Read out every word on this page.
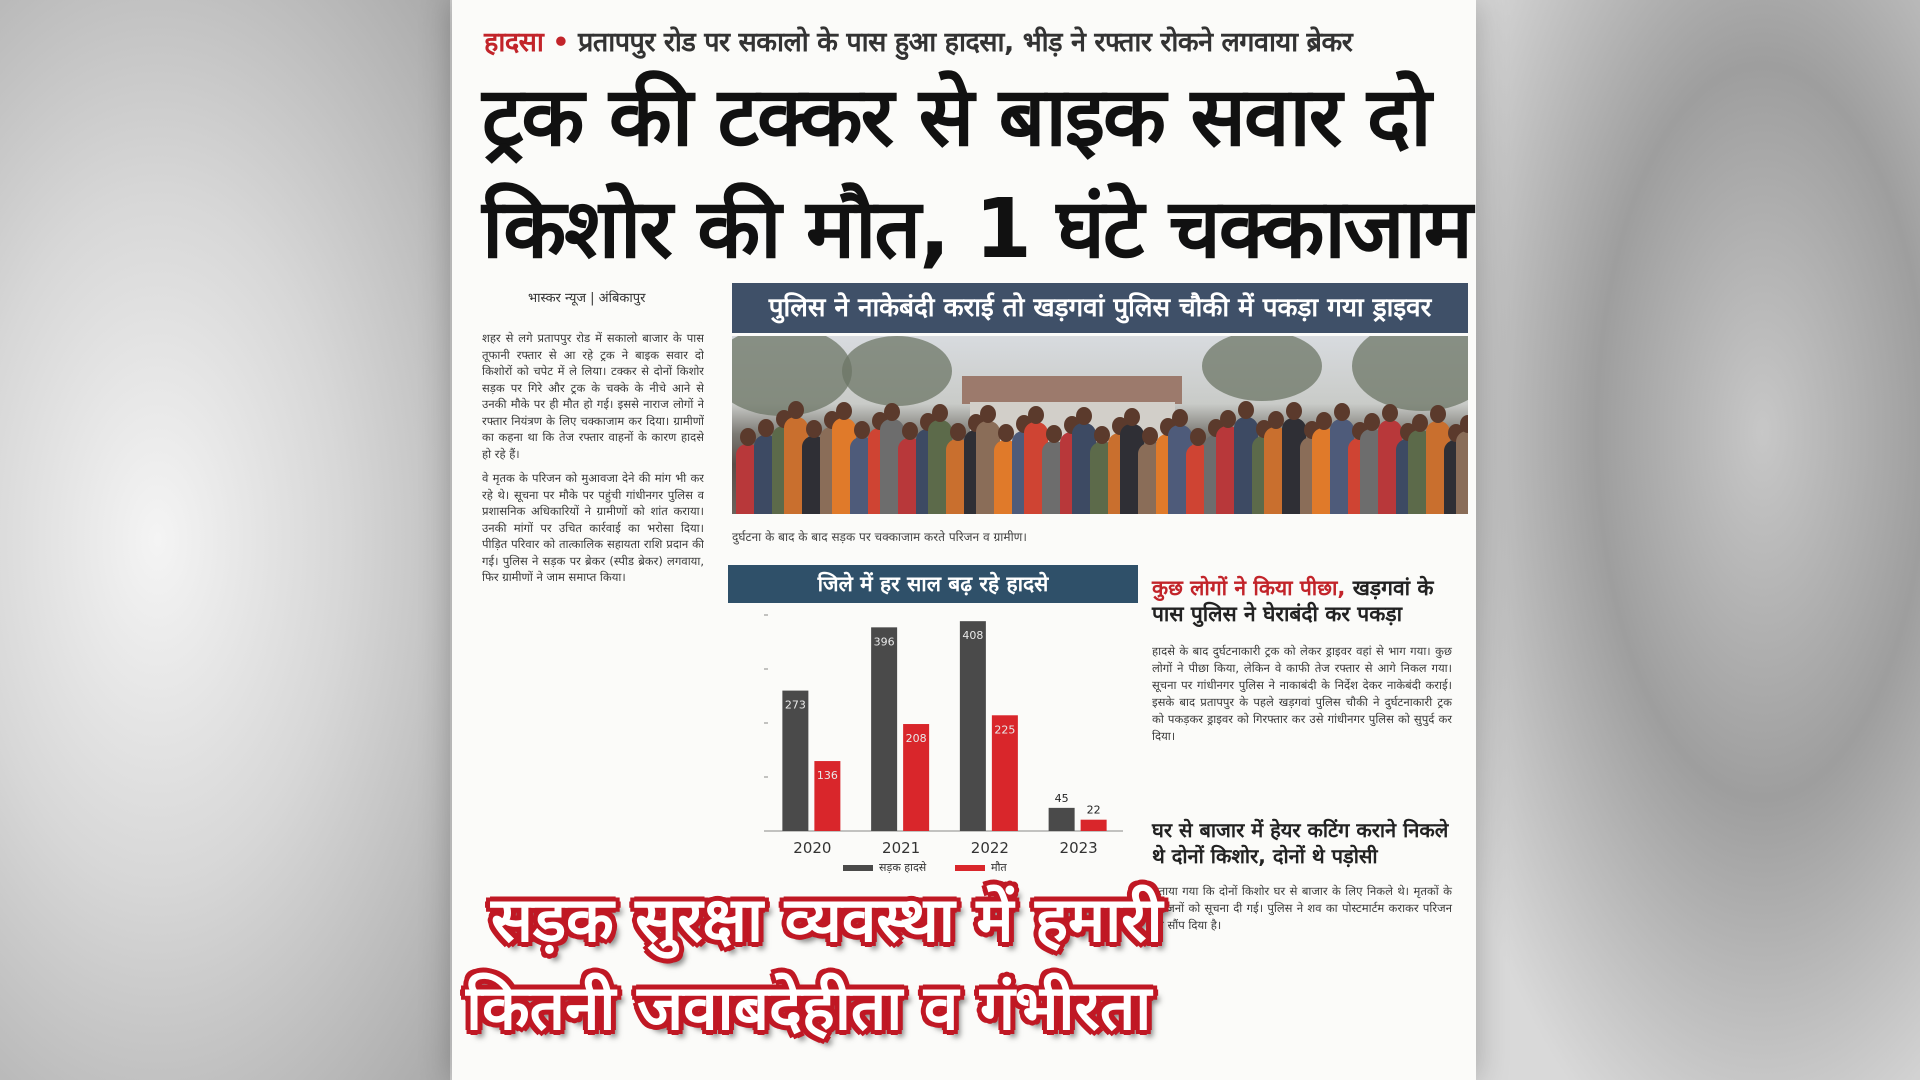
हादसा • प्रतापपुर रोड पर सकालो के पास हुआ हादसा, भीड़ ने रफ्तार रोकने लगवाया ब्रेकर
ट्रक की टक्कर से बाइक सवार दो
किशोर की मौत, 1 घंटे चक्काजाम
भास्कर न्यूज | अंबिकापुर

शहर से लगे प्रतापपुर रोड में सकालो बाजार के पास तूफानी रफ्तार से आ रहे ट्रक ने बाइक सवार दो किशोरों को चपेट में ले लिया। टक्कर से दोनों किशोर सड़क पर गिरे और ट्रक के चक्के के नीचे आने से उनकी मौके पर ही मौत हो गई। इससे नाराज लोगों ने रफ्तार नियंत्रण के लिए चक्काजाम कर दिया। ग्रामीणों का कहना था कि तेज रफ्तार वाहनों के कारण हादसे हो रहे हैं।

वे मृतक के परिजन को मुआवजा देने की मांग भी कर रहे थे। सूचना पर मौके पर पहुंची गांधीनगर पुलिस व प्रशासनिक अधिकारियों ने ग्रामीणों को शांत कराया। उनकी मांगों पर उचित कार्रवाई का भरोसा दिया। पीड़ित परिवार को तात्कालिक सहायता राशि प्रदान की गई। पुलिस ने सड़क पर ब्रेकर (स्पीड ब्रेकर) लगवाया, फिर ग्रामीणों ने जाम समाप्त किया।

पुलिस ने नाकेबंदी कराई तो खड़गवां पुलिस चौकी में पकड़ा गया ड्राइवर
दुर्घटना के बाद के बाद सड़क पर चक्काजाम करते परिजन व ग्रामीण।
जिले में हर साल बढ़ रहे हादसे
273
136
2020
396
208
2021
408
225
2022
45
22
2023
सड़क हादसे	मौत
कुछ लोगों ने किया पीछा, खड़गवां के पास पुलिस ने घेराबंदी कर पकड़ा
हादसे के बाद दुर्घटनाकारी ट्रक को लेकर ड्राइवर वहां से भाग गया। कुछ लोगों ने पीछा किया, लेकिन वे काफी तेज रफ्तार से आगे निकल गया। सूचना पर गांधीनगर पुलिस ने नाकाबंदी के निर्देश देकर नाकेबंदी कराई। इसके बाद प्रतापपुर के पहले खड़गवां पुलिस चौकी ने दुर्घटनाकारी ट्रक को पकड़कर ड्राइवर को गिरफ्तार कर उसे गांधीनगर पुलिस को सुपुर्द कर दिया।
घर से बाजार में हेयर कटिंग कराने निकले थे दोनों किशोर, दोनों थे पड़ोसी
बताया गया कि दोनों किशोर घर से बाजार के लिए निकले थे। मृतकों के परिजनों को सूचना दी गई। पुलिस ने शव का पोस्टमार्टम कराकर परिजन को सौंप दिया है।
सड़क सुरक्षा व्यवस्था में हमारी
कितनी जवाबदेहीता व गंभीरता
